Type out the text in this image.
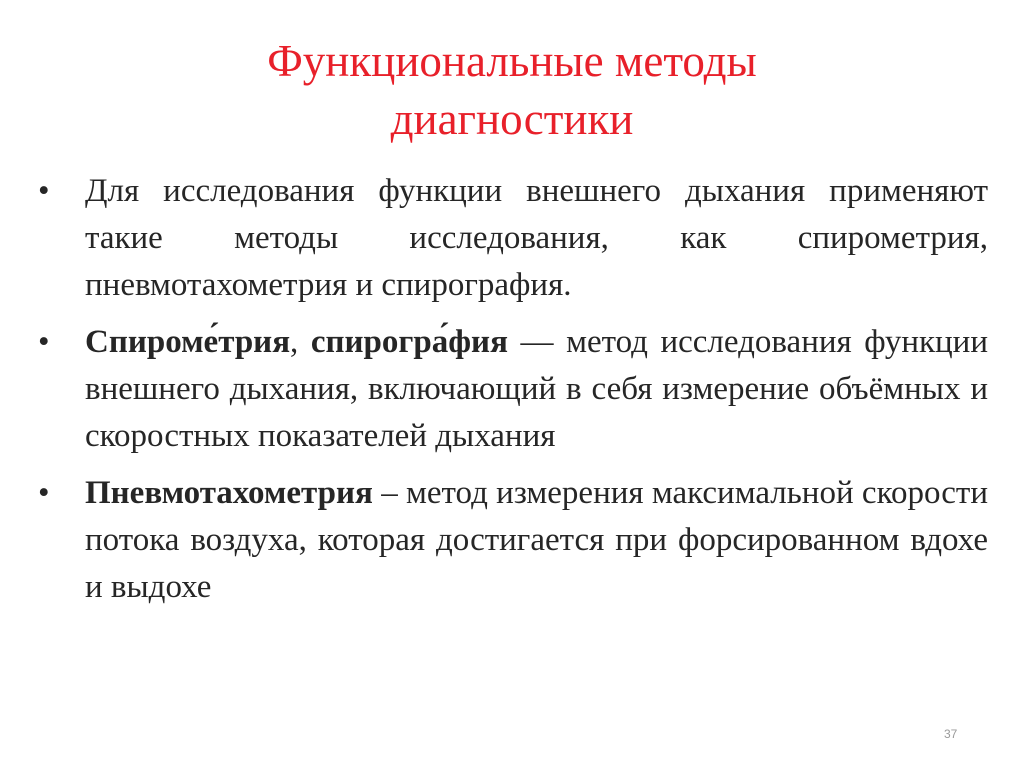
Функциональные методы
диагностики
•	Для исследования функции внешнего дыхания применяют такие методы исследования, как спирометрия, пневмотахометрия и спирография.
•	Спироме́трия, спирогра́фия — метод исследования функции внешнего дыхания, включающий в себя измерение объёмных и скоростных показателей дыхания
•	Пневмотахометрия – метод измерения максимальной скорости потока воздуха, которая достигается при форсированном вдохе и выдохе
37
